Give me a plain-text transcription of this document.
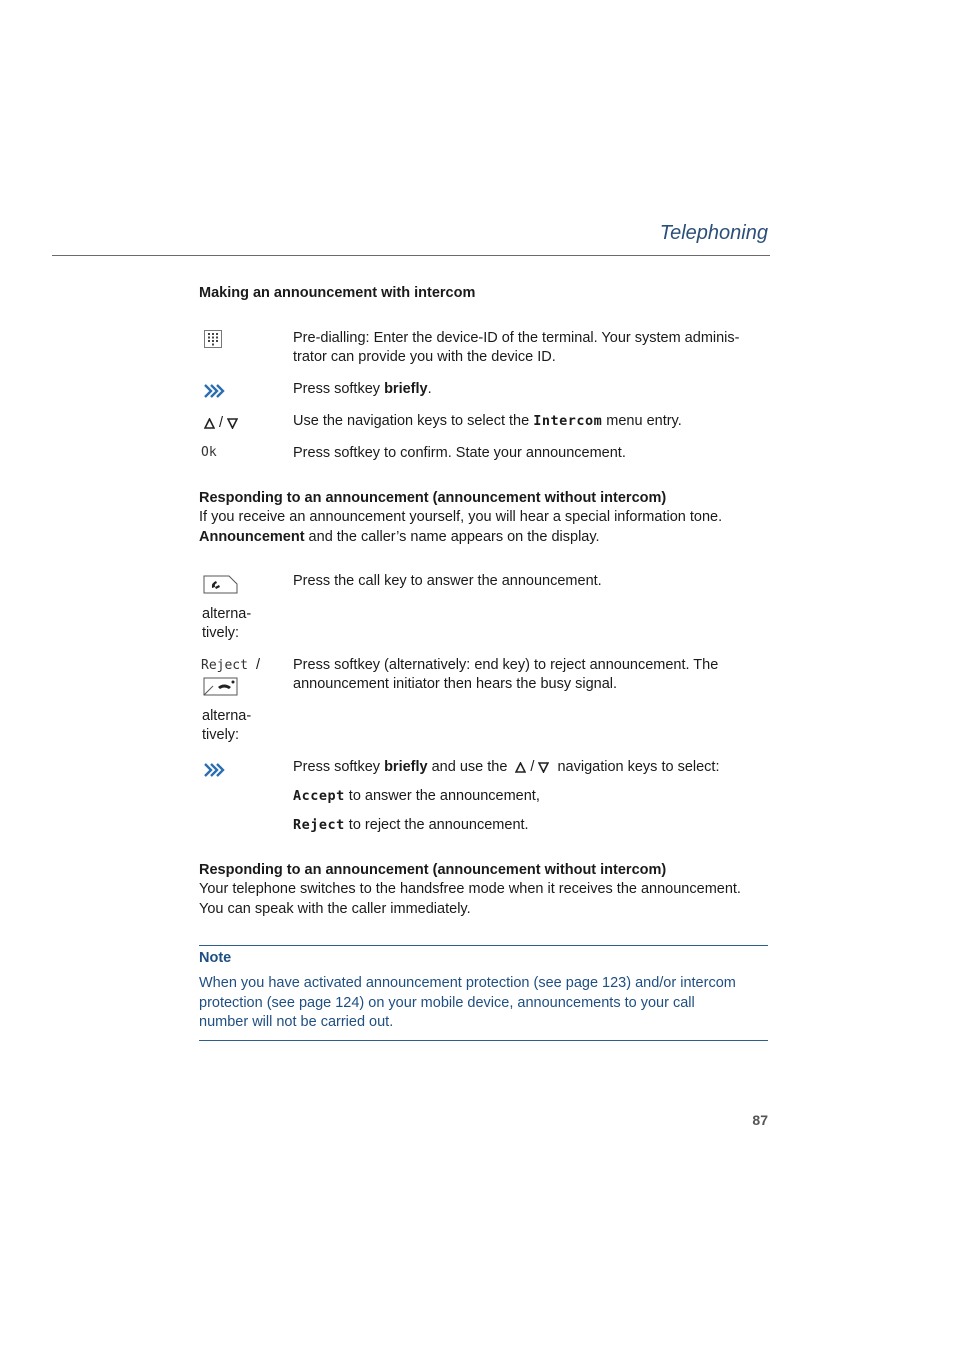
Telephoning
Making an announcement with intercom
Pre-dialling: Enter the device-ID of the terminal. Your system adminis-
trator can provide you with the device ID.
Press softkey briefly.
/	Use the navigation keys to select the Intercom menu entry.
Ok	Press softkey to confirm. State your announcement.
Responding to an announcement (announcement without intercom)
If you receive an announcement yourself, you will hear a special information tone.
Announcement and the caller’s name appears on the display.
Press the call key to answer the announcement.
alterna-
tively:
Reject / Press softkey (alternatively: end key) to reject announcement. The
announcement initiator then hears the busy signal.
alterna-
tively:
Press softkey briefly and use the / navigation keys to select:
Accept to answer the announcement,
Reject to reject the announcement.
Responding to an announcement (announcement without intercom)
Your telephone switches to the handsfree mode when it receives the announcement.
You can speak with the caller immediately.
Note
When you have activated announcement protection (see page 123) and/or intercom
protection (see page 124) on your mobile device, announcements to your call
number will not be carried out.
87
